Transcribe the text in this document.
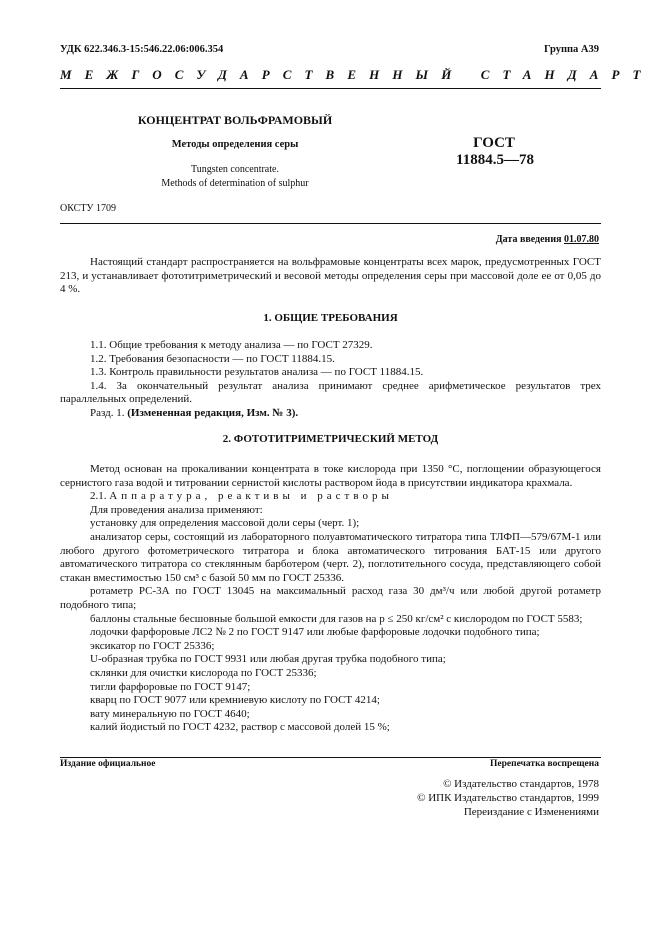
УДК 622.346.3-15:546.22.06:006.354	Группа А39
МЕЖГОСУДАРСТВЕННЫЙ СТАНДАРТ
КОНЦЕНТРАТ ВОЛЬФРАМОВЫЙ
Методы определения серы
Tungsten concentrate.
Methods of determination of sulphur
ГОСТ
11884.5—78
ОКСТУ 1709
Дата введения 01.07.80

Настоящий стандарт распространяется на вольфрамовые концентраты всех марок, предусмотренных ГОСТ 213, и устанавливает фототитриметрический и весовой методы определения серы при массовой доле ее от 0,05 до 4 %.

1. ОБЩИЕ ТРЕБОВАНИЯ

1.1. Общие требования к методу анализа — по ГОСТ 27329.

1.2. Требования безопасности — по ГОСТ 11884.15.

1.3. Контроль правильности результатов анализа — по ГОСТ 11884.15.

1.4. За окончательный результат анализа принимают среднее арифметическое результатов трех параллельных определений.

Разд. 1. (Измененная редакция, Изм. № 3).

2. ФОТОТИТРИМЕТРИЧЕСКИЙ МЕТОД

Метод основан на прокаливании концентрата в токе кислорода при 1350 °С, поглощении образующегося сернистого газа водой и титровании сернистой кислоты раствором йода в присутствии индикатора крахмала.

2.1. Аппаратура, реактивы и растворы

Для проведения анализа применяют:

установку для определения массовой доли серы (черт. 1);

анализатор серы, состоящий из лабораторного полуавтоматического титратора типа ТЛФП—579/67М-1 или любого другого фотометрического титратора и блока автоматического титрования БАТ-15 или другого автоматического титратора со стеклянным барботером (черт. 2), поглотительного сосуда, представляющего собой стакан вместимостью 150 см³ с базой 50 мм по ГОСТ 25336.

ротаметр РС-3А по ГОСТ 13045 на максимальный расход газа 30 дм³/ч или любой другой ротаметр подобного типа;

баллоны стальные бесшовные большой емкости для газов на р ≤ 250 кг/см² с кислородом по ГОСТ 5583;

лодочки фарфоровые ЛС2 № 2 по ГОСТ 9147 или любые фарфоровые лодочки подобного типа;

эксикатор по ГОСТ 25336;

U-образная трубка по ГОСТ 9931 или любая другая трубка подобного типа;

склянки для очистки кислорода по ГОСТ 25336;

тигли фарфоровые по ГОСТ 9147;

кварц по ГОСТ 9077 или кремниевую кислоту по ГОСТ 4214;

вату минеральную по ГОСТ 4640;

калий йодистый по ГОСТ 4232, раствор с массовой долей 15 %;

Издание официальное	Перепечатка воспрещена
© Издательство стандартов, 1978
© ИПК Издательство стандартов, 1999
Переиздание с Изменениями
